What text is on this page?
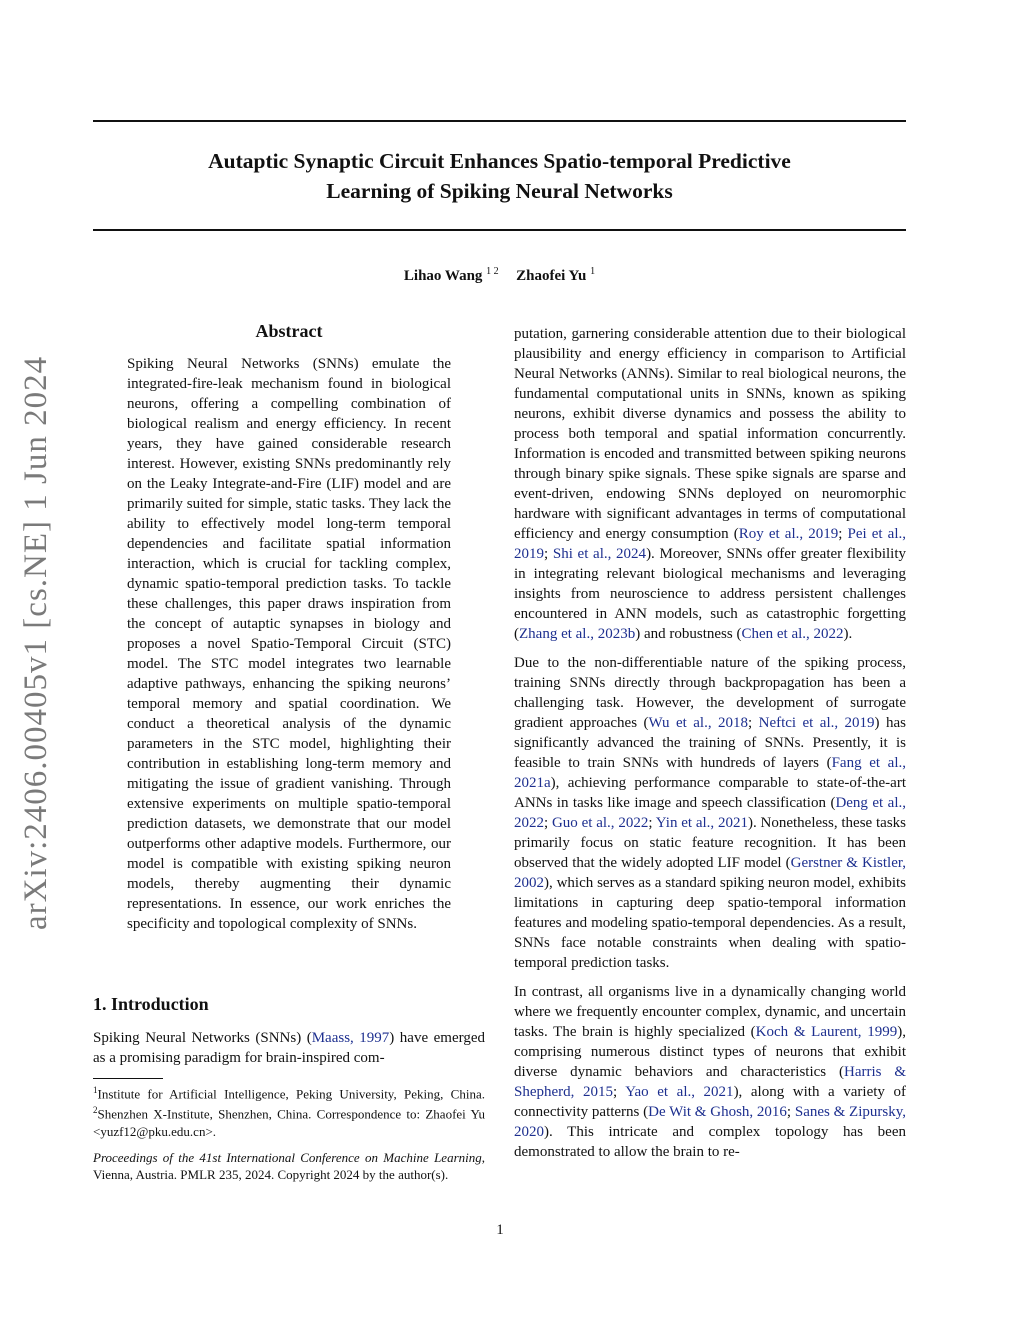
arXiv:2406.00405v1 [cs.NE] 1 Jun 2024
Autaptic Synaptic Circuit Enhances Spatio-temporal Predictive
Learning of Spiking Neural Networks
Lihao Wang $^{1 2}$ Zhaofei Yu $^1$
Abstract
Spiking Neural Networks (SNNs) emulate the integrated-fire-leak mechanism found in biological neurons, offering a compelling combination of biological realism and energy efficiency. In recent years, they have gained considerable research interest. However, existing SNNs predominantly rely on the Leaky Integrate-and-Fire (LIF) model and are primarily suited for simple, static tasks. They lack the ability to effectively model long-term temporal dependencies and facilitate spatial information interaction, which is crucial for tackling complex, dynamic spatio-temporal prediction tasks. To tackle these challenges, this paper draws inspiration from the concept of autaptic synapses in biology and proposes a novel Spatio-Temporal Circuit (STC) model. The STC model integrates two learnable adaptive pathways, enhancing the spiking neurons’ temporal memory and spatial coordination. We conduct a theoretical analysis of the dynamic parameters in the STC model, highlighting their contribution in establishing long-term memory and mitigating the issue of gradient vanishing. Through extensive experiments on multiple spatio-temporal prediction datasets, we demonstrate that our model outperforms other adaptive models. Furthermore, our model is compatible with existing spiking neuron models, thereby augmenting their dynamic representations. In essence, our work enriches the specificity and topological complexity of SNNs.
1. Introduction
Spiking Neural Networks (SNNs) (Maass, 1997) have emerged as a promising paradigm for brain-inspired com-
$^1$Institute for Artificial Intelligence, Peking University, Peking, China. $^2$Shenzhen X-Institute, Shenzhen, China. Correspondence to: Zhaofei Yu <yuzf12@pku.edu.cn>.
Proceedings of the 41st International Conference on Machine Learning, Vienna, Austria. PMLR 235, 2024. Copyright 2024 by the author(s).

putation, garnering considerable attention due to their biological plausibility and energy efficiency in comparison to Artificial Neural Networks (ANNs). Similar to real biological neurons, the fundamental computational units in SNNs, known as spiking neurons, exhibit diverse dynamics and possess the ability to process both temporal and spatial information concurrently. Information is encoded and transmitted between spiking neurons through binary spike signals. These spike signals are sparse and event-driven, endowing SNNs deployed on neuromorphic hardware with significant advantages in terms of computational efficiency and energy consumption (Roy et al., 2019; Pei et al., 2019; Shi et al., 2024). Moreover, SNNs offer greater flexibility in integrating relevant biological mechanisms and leveraging insights from neuroscience to address persistent challenges encountered in ANN models, such as catastrophic forgetting (Zhang et al., 2023b) and robustness (Chen et al., 2022).

Due to the non-differentiable nature of the spiking process, training SNNs directly through backpropagation has been a challenging task. However, the development of surrogate gradient approaches (Wu et al., 2018; Neftci et al., 2019) has significantly advanced the training of SNNs. Presently, it is feasible to train SNNs with hundreds of layers (Fang et al., 2021a), achieving performance comparable to state-of-the-art ANNs in tasks like image and speech classification (Deng et al., 2022; Guo et al., 2022; Yin et al., 2021). Nonetheless, these tasks primarily focus on static feature recognition. It has been observed that the widely adopted LIF model (Gerstner & Kistler, 2002), which serves as a standard spiking neuron model, exhibits limitations in capturing deep spatio-temporal information features and modeling spatio-temporal dependencies. As a result, SNNs face notable constraints when dealing with spatio-temporal prediction tasks.

In contrast, all organisms live in a dynamically changing world where we frequently encounter complex, dynamic, and uncertain tasks. The brain is highly specialized (Koch & Laurent, 1999), comprising numerous distinct types of neurons that exhibit diverse dynamic behaviors and characteristics (Harris & Shepherd, 2015; Yao et al., 2021), along with a variety of connectivity patterns (De Wit & Ghosh, 2016; Sanes & Zipursky, 2020). This intricate and complex topology has been demonstrated to allow the brain to re-

1
